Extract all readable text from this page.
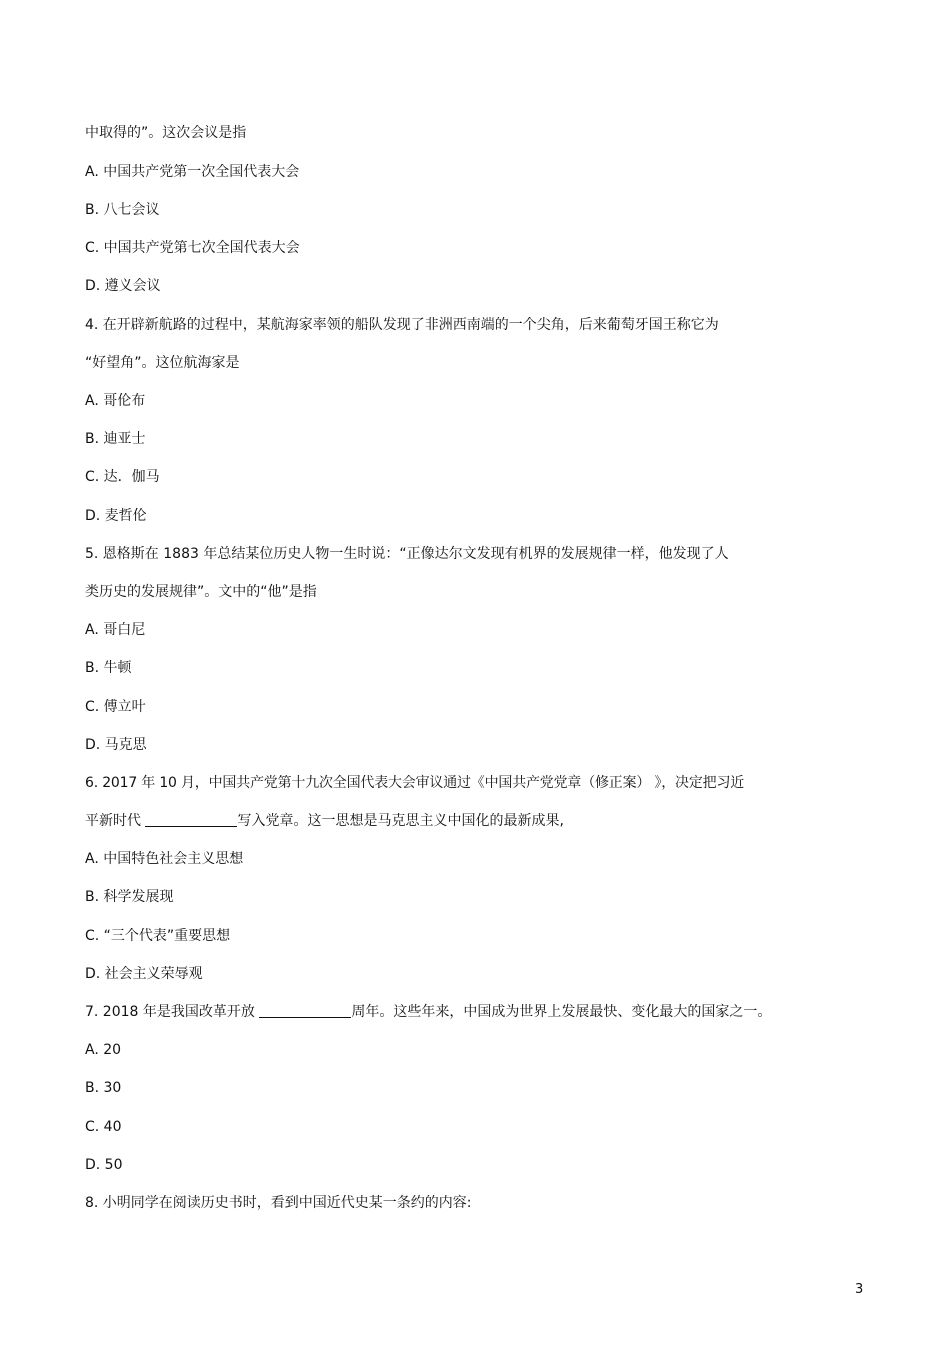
中取得的”。这次会议是指
A. 中国共产党第一次全国代表大会
B. 八七会议
C. 中国共产党第七次全国代表大会
D. 遵义会议
4. 在开辟新航路的过程中，某航海家率领的船队发现了非洲西南端的一个尖角，后来葡萄牙国王称它为
“好望角”。这位航海家是
A. 哥伦布
B. 迪亚士
C. 达．伽马
D. 麦哲伦
5. 恩格斯在 1883 年总结某位历史人物一生时说：“正像达尔文发现有机界的发展规律一样，他发现了人
类历史的发展规律”。文中的“他”是指
A. 哥白尼
B. 牛顿
C. 傅立叶
D. 马克思
6. 2017 年 10 月，中国共产党第十九次全国代表大会审议通过《中国共产党党章（修正案） 》，决定把习近
平新时代	写入党章。这一思想是马克思主义中国化的最新成果,
A. 中国特色社会主义思想
B. 科学发展现
C. “三个代表”重要思想
D. 社会主义荣辱观
7. 2018 年是我国改革开放	周年。这些年来，中国成为世界上发展最快、变化最大的国家之一。
A. 20
B. 30
C. 40
D. 50
8. 小明同学在阅读历史书时，看到中国近代史某一条约的内容:
3
